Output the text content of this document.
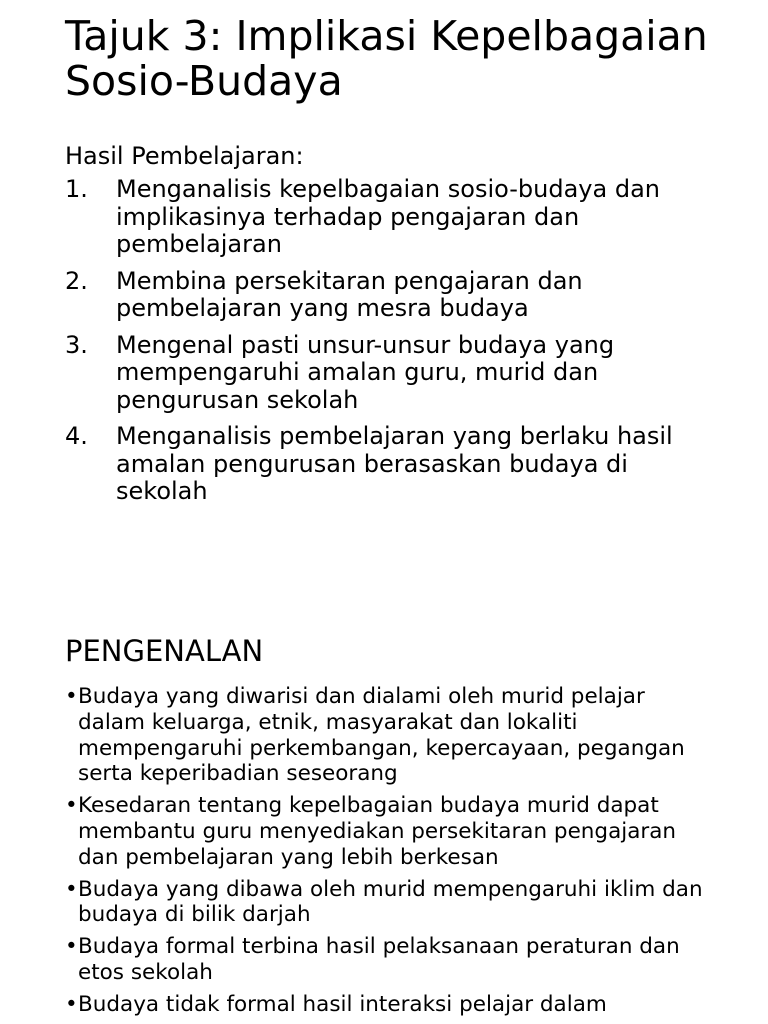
Tajuk 3: Implikasi Kepelbagaian Sosio-Budaya

Hasil Pembelajaran:

1.	Menganalisis kepelbagaian sosio-budaya dan implikasinya terhadap pengajaran dan pembelajaran
2.	Membina persekitaran pengajaran dan pembelajaran yang mesra budaya
3.	Mengenal pasti unsur-unsur budaya yang mempengaruhi amalan guru, murid dan pengurusan sekolah
4.	Menganalisis pembelajaran yang berlaku hasil amalan pengurusan berasaskan budaya di sekolah
PENGENALAN
• Budaya yang diwarisi dan dialami oleh murid pelajar dalam keluarga, etnik, masyarakat dan lokaliti mempengaruhi perkembangan, kepercayaan, pegangan serta keperibadian seseorang
• Kesedaran tentang kepelbagaian budaya murid dapat membantu guru menyediakan persekitaran pengajaran dan pembelajaran yang lebih berkesan
• Budaya yang dibawa oleh murid mempengaruhi iklim dan budaya di bilik darjah
• Budaya formal terbina hasil pelaksanaan peraturan dan etos sekolah
• Budaya tidak formal hasil interaksi pelajar dalam
